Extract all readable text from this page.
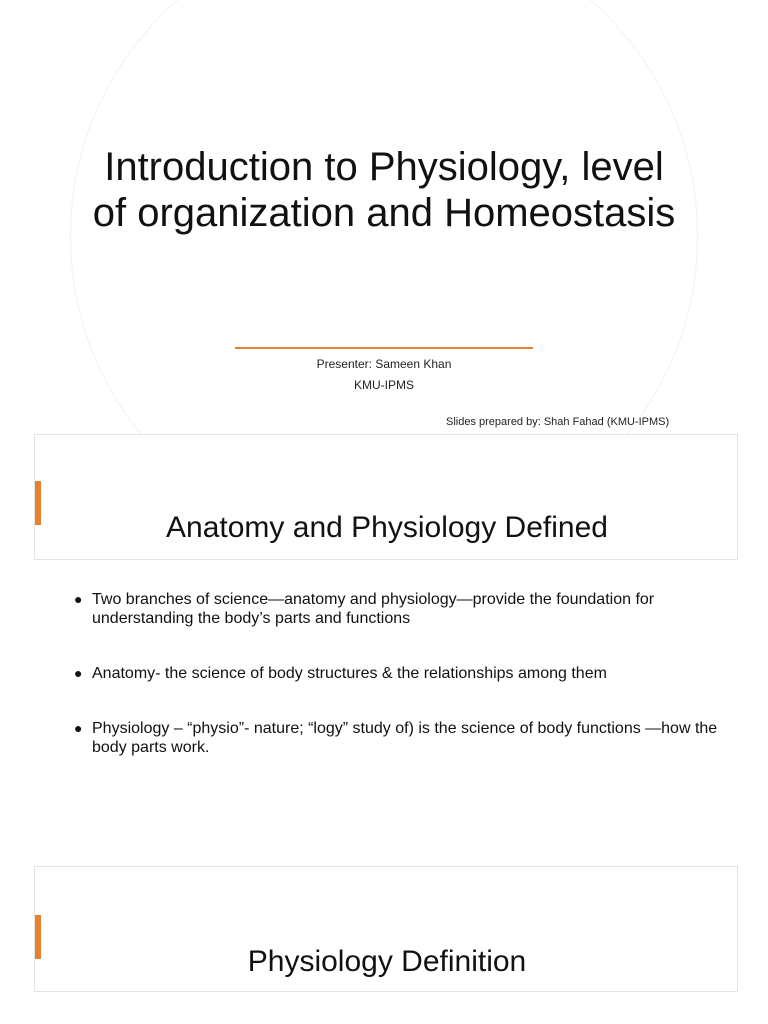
Introduction to Physiology, level of organization and Homeostasis
Presenter: Sameen Khan
KMU-IPMS
Slides prepared by: Shah Fahad (KMU-IPMS)
Anatomy and Physiology Defined
● Two branches of science—anatomy and physiology—provide the foundation for understanding the body’s parts and functions
● Anatomy- the science of body structures & the relationships among them
● Physiology – “physio”- nature; “logy” study of) is the science of body functions —how the body parts work.
Physiology Definition
